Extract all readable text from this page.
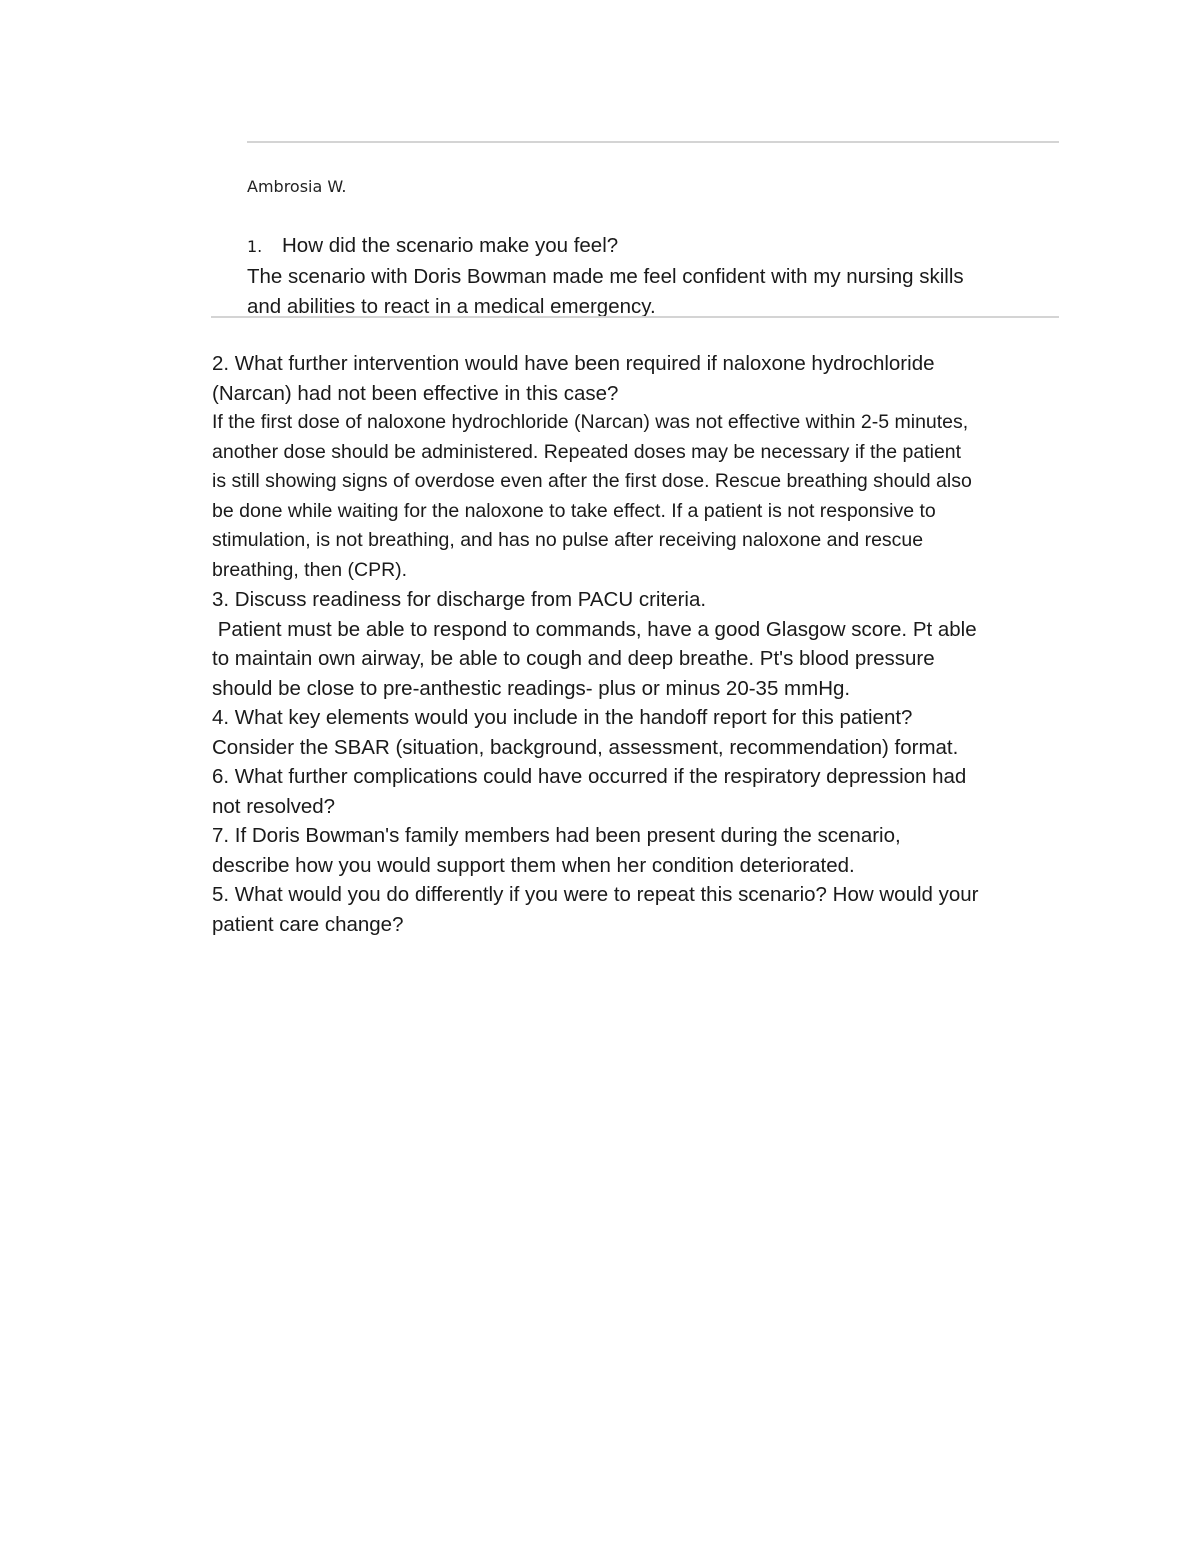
Ambrosia W.

1. How did the scenario make you feel?

The scenario with Doris Bowman made me feel confident with my nursing skills

and abilities to react in a medical emergency.

2. What further intervention would have been required if naloxone hydrochloride

(Narcan) had not been effective in this case?

If the first dose of naloxone hydrochloride (Narcan) was not effective within 2-5 minutes,

another dose should be administered. Repeated doses may be necessary if the patient

is still showing signs of overdose even after the first dose. Rescue breathing should also

be done while waiting for the naloxone to take effect. If a patient is not responsive to

stimulation, is not breathing, and has no pulse after receiving naloxone and rescue

breathing, then (CPR).

3. Discuss readiness for discharge from PACU criteria.

Patient must be able to respond to commands, have a good Glasgow score. Pt able

to maintain own airway, be able to cough and deep breathe. Pt's blood pressure

should be close to pre-anthestic readings- plus or minus 20-35 mmHg.

4. What key elements would you include in the handoff report for this patient?

Consider the SBAR (situation, background, assessment, recommendation) format.

6. What further complications could have occurred if the respiratory depression had

not resolved?

7. If Doris Bowman's family members had been present during the scenario,

describe how you would support them when her condition deteriorated.

5. What would you do differently if you were to repeat this scenario? How would your

patient care change?
